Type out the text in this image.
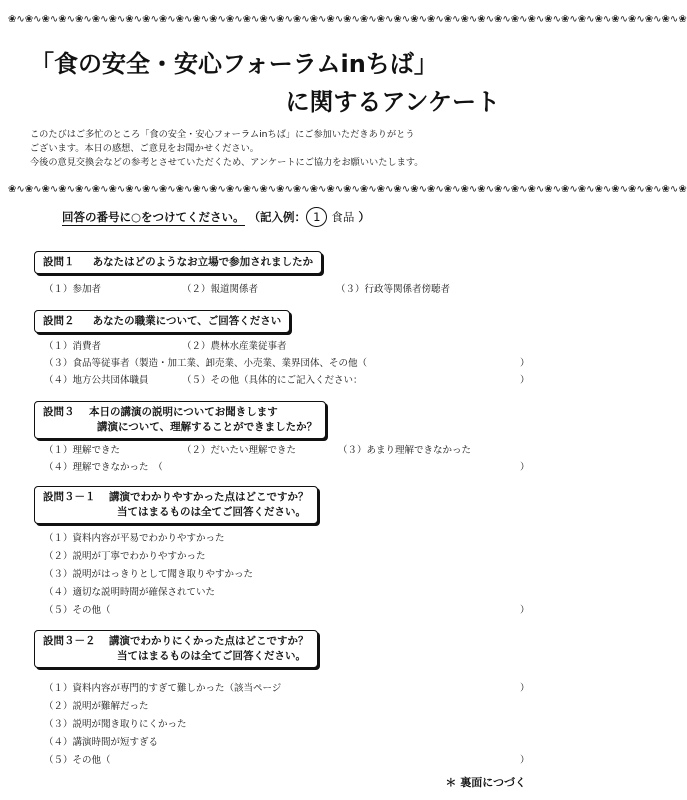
❀∿❀∿❀∿❀∿❀∿❀∿❀∿❀∿❀∿❀∿❀∿❀∿❀∿❀∿❀∿❀∿❀∿❀∿❀∿❀∿❀∿❀∿❀∿❀∿❀∿❀∿❀∿❀∿❀∿❀∿❀∿❀∿❀∿❀∿❀∿❀∿❀∿❀∿❀∿❀∿❀
「食の安全・安心フォーラムinちば」
に関するアンケート
このたびはご多忙のところ「食の安全・安心フォーラムinちば」にご参加いただきありがとう
ございます。本日の感想、ご意見をお聞かせください。
今後の意見交換会などの参考とさせていただくため、アンケートにご協力をお願いいたします。
❀∿❀∿❀∿❀∿❀∿❀∿❀∿❀∿❀∿❀∿❀∿❀∿❀∿❀∿❀∿❀∿❀∿❀∿❀∿❀∿❀∿❀∿❀∿❀∿❀∿❀∿❀∿❀∿❀∿❀∿❀∿❀∿❀∿❀∿❀∿❀∿❀∿❀∿❀∿❀∿❀
回答の番号に○をつけてください。 （記入例： 1 食品 ）
設問１ あなたはどのようなお立場で参加されましたか
（１）参加者	（２）報道関係者	（３）行政等関係者傍聴者
設問２ あなたの職業について、ご回答ください
（１）消費者	（２）農林水産業従事者
（３）食品等従事者（製造・加工業、卸売業、小売業、業界団体、その他（	）
（４）地方公共団体職員	（５）その他（具体的にご記入ください：	）
設問３ 本日の講演の説明についてお聞きします
講演について、理解することができましたか？
（１）理解できた	（２）だいたい理解できた	（３）あまり理解できなかった
（４）理解できなかった　（	）
設問３－１ 講演でわかりやすかった点はどこですか？
当てはまるものは全てご回答ください。
（１）資料内容が平易でわかりやすかった
（２）説明が丁寧でわかりやすかった
（３）説明がはっきりとして聞き取りやすかった
（４）適切な説明時間が確保されていた
（５）その他（	）
設問３－２ 講演でわかりにくかった点はどこですか？
当てはまるものは全てご回答ください。
（１）資料内容が専門的すぎて難しかった（該当ページ	）
（２）説明が難解だった
（３）説明が聞き取りにくかった
（４）講演時間が短すぎる
（５）その他（	）
＊ 裏面につづく
